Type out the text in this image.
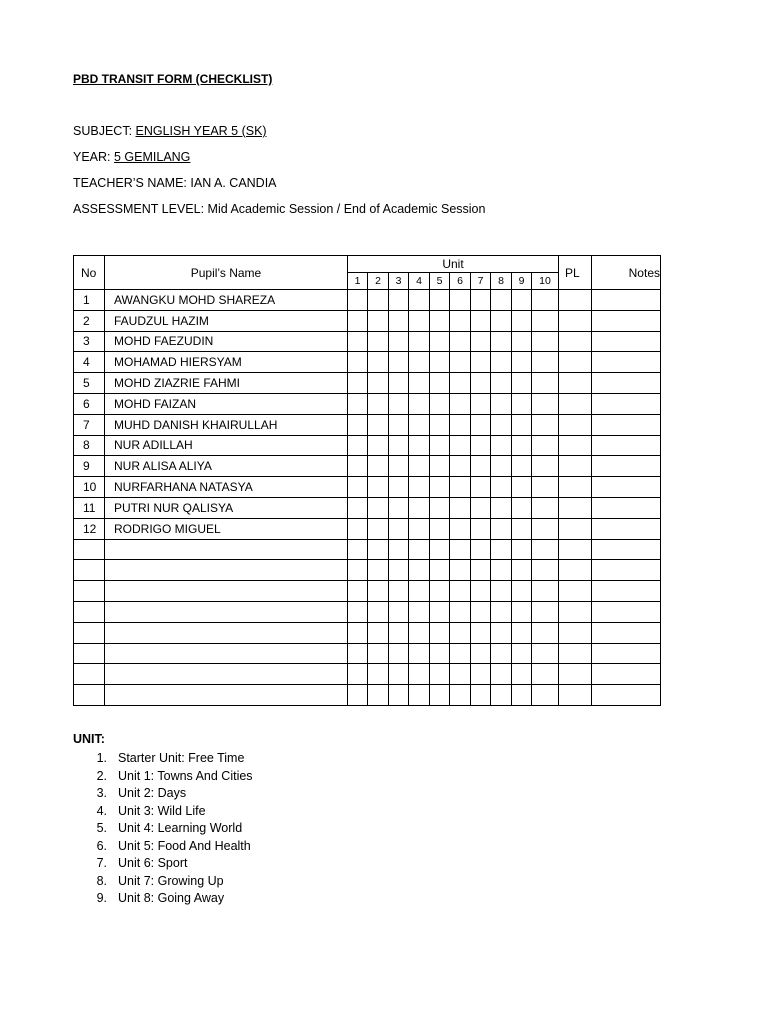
PBD TRANSIT FORM (CHECKLIST)
SUBJECT: ENGLISH YEAR 5 (SK)
YEAR: 5 GEMILANG
TEACHER’S NAME: IAN A. CANDIA
ASSESSMENT LEVEL: Mid Academic Session / End of Academic Session
No	Pupil’s Name	Unit										PL	Notes
		1	2	3	4	5	6	7	8	9	10		
1	AWANGKU MOHD SHAREZA												
2	FAUDZUL HAZIM												
3	MOHD FAEZUDIN												
4	MOHAMAD HIERSYAM												
5	MOHD ZIAZRIE FAHMI												
6	MOHD FAIZAN												
7	MUHD DANISH KHAIRULLAH												
8	NUR ADILLAH												
9	NUR ALISA ALIYA												
10	NURFARHANA NATASYA												
11	PUTRI NUR QALISYA												
12	RODRIGO MIGUEL												

UNIT:
1. Starter Unit: Free Time
2. Unit 1: Towns And Cities
3. Unit 2: Days
4. Unit 3: Wild Life
5. Unit 4: Learning World
6. Unit 5: Food And Health
7. Unit 6: Sport
8. Unit 7: Growing Up
9. Unit 8: Going Away
